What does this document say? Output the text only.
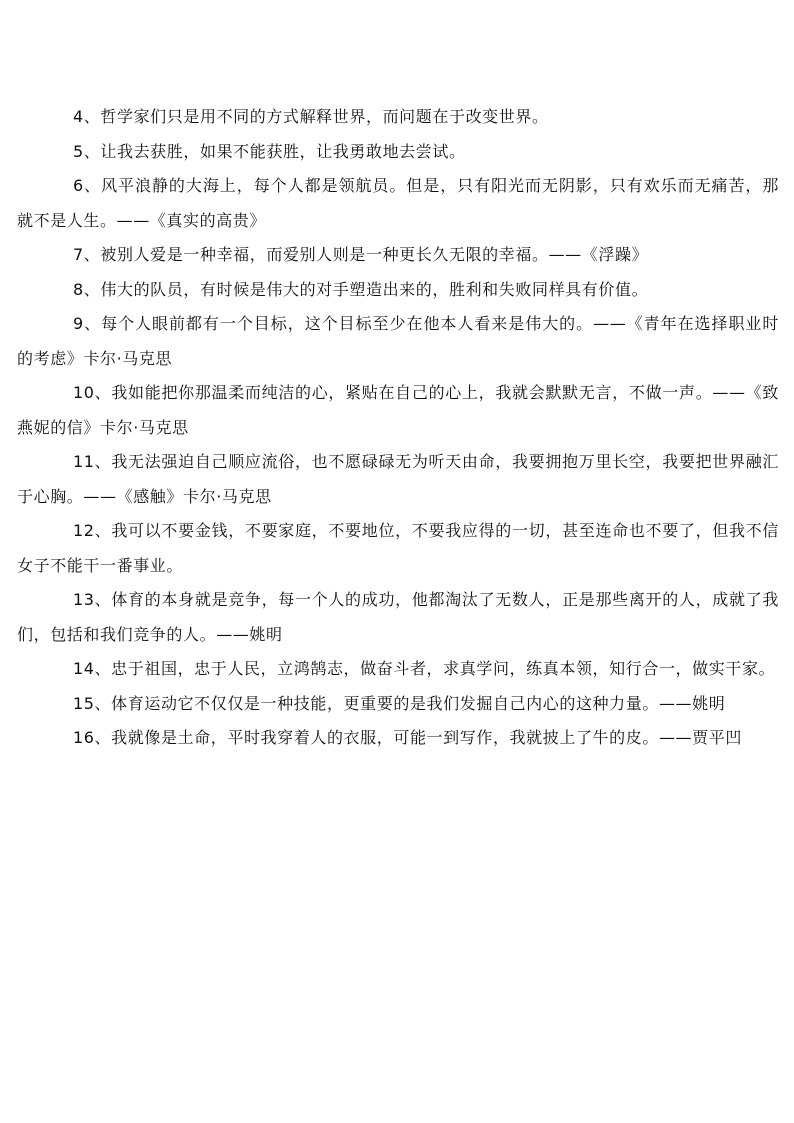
4、哲学家们只是用不同的方式解释世界，而问题在于改变世界。

5、让我去获胜，如果不能获胜，让我勇敢地去尝试。

6、风平浪静的大海上，每个人都是领航员。但是，只有阳光而无阴影，只有欢乐而无痛苦，那就不是人生。——《真实的高贵》

7、被别人爱是一种幸福，而爱别人则是一种更长久无限的幸福。——《浮躁》

8、伟大的队员，有时候是伟大的对手塑造出来的，胜利和失败同样具有价值。

9、每个人眼前都有一个目标，这个目标至少在他本人看来是伟大的。——《青年在选择职业时的考虑》卡尔·马克思

10、我如能把你那温柔而纯洁的心，紧贴在自己的心上，我就会默默无言，不做一声。——《致燕妮的信》卡尔·马克思

11、我无法强迫自己顺应流俗，也不愿碌碌无为听天由命，我要拥抱万里长空，我要把世界融汇于心胸。——《感触》卡尔·马克思

12、我可以不要金钱，不要家庭，不要地位，不要我应得的一切，甚至连命也不要了，但我不信女子不能干一番事业。

13、体育的本身就是竞争，每一个人的成功，他都淘汰了无数人，正是那些离开的人，成就了我们，包括和我们竞争的人。——姚明

14、忠于祖国，忠于人民，立鸿鹄志，做奋斗者，求真学问，练真本领，知行合一，做实干家。

15、体育运动它不仅仅是一种技能，更重要的是我们发掘自己内心的这种力量。——姚明

16、我就像是土命，平时我穿着人的衣服，可能一到写作，我就披上了牛的皮。——贾平凹
